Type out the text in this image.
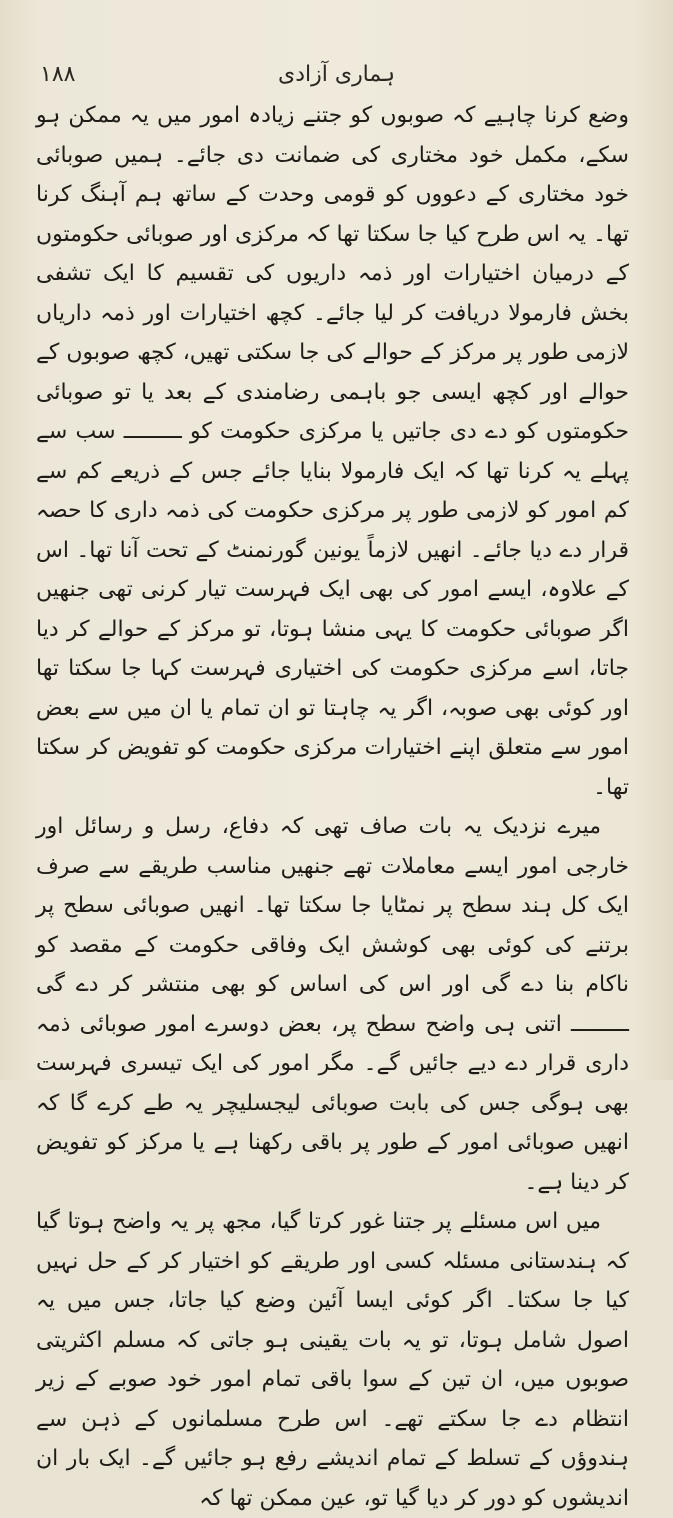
۱۸۸	ہماری آزادی

وضع کرنا چاہیے کہ صوبوں کو جتنے زیادہ امور میں یہ ممکن ہو سکے، مکمل خود مختاری کی ضمانت دی جائے۔ ہمیں صوبائی خود مختاری کے دعووں کو قومی وحدت کے ساتھ ہم آہنگ کرنا تھا۔ یہ اس طرح کیا جا سکتا تھا کہ مرکزی اور صوبائی حکومتوں کے درمیان اختیارات اور ذمہ داریوں کی تقسیم کا ایک تشفی بخش فارمولا دریافت کر لیا جائے۔ کچھ اختیارات اور ذمہ داریاں لازمی طور پر مرکز کے حوالے کی جا سکتی تھیں، کچھ صوبوں کے حوالے اور کچھ ایسی جو باہمی رضامندی کے بعد یا تو صوبائی حکومتوں کو دے دی جاتیں یا مرکزی حکومت کو ـــــــــ سب سے پہلے یہ کرنا تھا کہ ایک فارمولا بنایا جائے جس کے ذریعے کم سے کم امور کو لازمی طور پر مرکزی حکومت کی ذمہ داری کا حصہ قرار دے دیا جائے۔ انھیں لازماً یونین گورنمنٹ کے تحت آنا تھا۔ اس کے علاوہ، ایسے امور کی بھی ایک فہرست تیار کرنی تھی جنھیں اگر صوبائی حکومت کا یہی منشا ہوتا، تو مرکز کے حوالے کر دیا جاتا، اسے مرکزی حکومت کی اختیاری فہرست کہا جا سکتا تھا اور کوئی بھی صوبہ، اگر یہ چاہتا تو ان تمام یا ان میں سے بعض امور سے متعلق اپنے اختیارات مرکزی حکومت کو تفویض کر سکتا تھا۔

میرے نزدیک یہ بات صاف تھی کہ دفاع، رسل و رسائل اور خارجی امور ایسے معاملات تھے جنھیں مناسب طریقے سے صرف ایک کل ہند سطح پر نمٹایا جا سکتا تھا۔ انھیں صوبائی سطح پر برتنے کی کوئی بھی کوشش ایک وفاقی حکومت کے مقصد کو ناکام بنا دے گی اور اس کی اساس کو بھی منتشر کر دے گی ـــــــــ اتنی ہی واضح سطح پر، بعض دوسرے امور صوبائی ذمہ داری قرار دے دیے جائیں گے۔ مگر امور کی ایک تیسری فہرست بھی ہوگی جس کی بابت صوبائی لیجسلیچر یہ طے کرے گا کہ انھیں صوبائی امور کے طور پر باقی رکھنا ہے یا مرکز کو تفویض کر دینا ہے۔

میں اس مسئلے پر جتنا غور کرتا گیا، مجھ پر یہ واضح ہوتا گیا کہ ہندستانی مسئلہ کسی اور طریقے کو اختیار کر کے حل نہیں کیا جا سکتا۔ اگر کوئی ایسا آئین وضع کیا جاتا، جس میں یہ اصول شامل ہوتا، تو یہ بات یقینی ہو جاتی کہ مسلم اکثریتی صوبوں میں، ان تین کے سوا باقی تمام امور خود صوبے کے زیر انتظام دے جا سکتے تھے۔ اس طرح مسلمانوں کے ذہن سے ہندوؤں کے تسلط کے تمام اندیشے رفع ہو جائیں گے۔ ایک بار ان اندیشوں کو دور کر دیا گیا تو، عین ممکن تھا کہ
